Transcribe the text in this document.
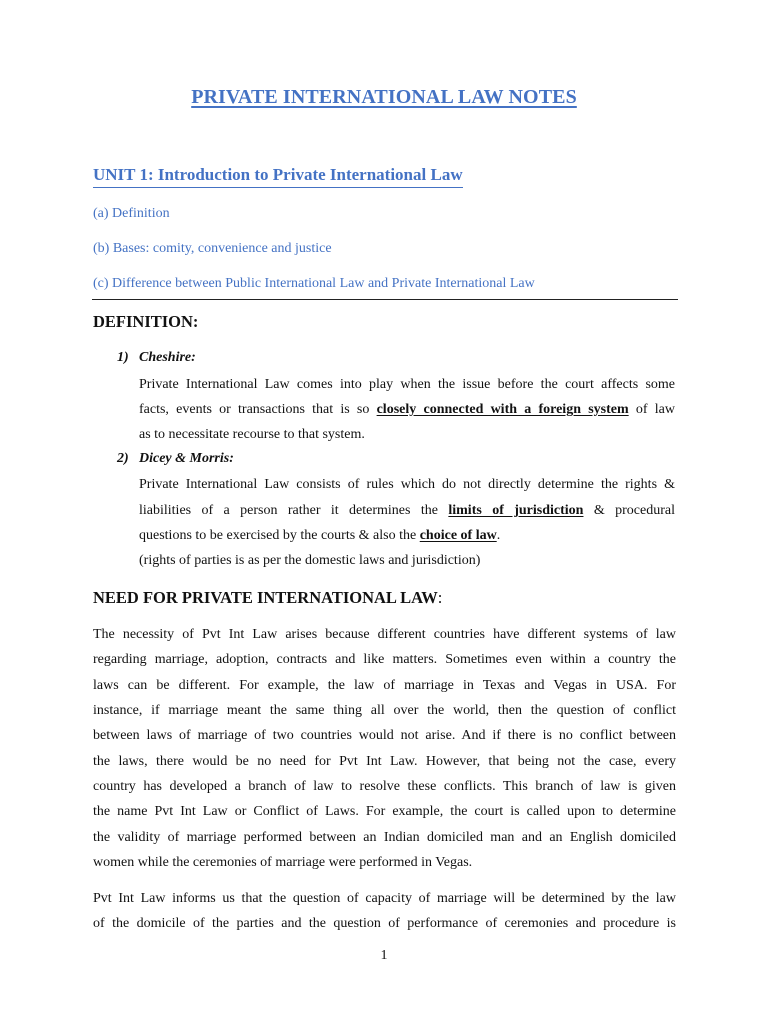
PRIVATE INTERNATIONAL LAW NOTES
UNIT 1: Introduction to Private International Law
(a) Definition
(b) Bases: comity, convenience and justice
(c) Difference between Public International Law and Private International Law
DEFINITION:
1) Cheshire:
Private International Law comes into play when the issue before the court affects some
facts, events or transactions that is so closely connected with a foreign system of law
as to necessitate recourse to that system.
2) Dicey & Morris:
Private International Law consists of rules which do not directly determine the rights &
liabilities of a person rather it determines the limits of jurisdiction & procedural
questions to be exercised by the courts & also the choice of law.
(rights of parties is as per the domestic laws and jurisdiction)
NEED FOR PRIVATE INTERNATIONAL LAW:
The necessity of Pvt Int Law arises because different countries have different systems of law
regarding marriage, adoption, contracts and like matters. Sometimes even within a country the
laws can be different. For example, the law of marriage in Texas and Vegas in USA. For
instance, if marriage meant the same thing all over the world, then the question of conflict
between laws of marriage of two countries would not arise. And if there is no conflict between
the laws, there would be no need for Pvt Int Law. However, that being not the case, every
country has developed a branch of law to resolve these conflicts. This branch of law is given
the name Pvt Int Law or Conflict of Laws. For example, the court is called upon to determine
the validity of marriage performed between an Indian domiciled man and an English domiciled
women while the ceremonies of marriage were performed in Vegas.
Pvt Int Law informs us that the question of capacity of marriage will be determined by the law
of the domicile of the parties and the question of performance of ceremonies and procedure is
1
